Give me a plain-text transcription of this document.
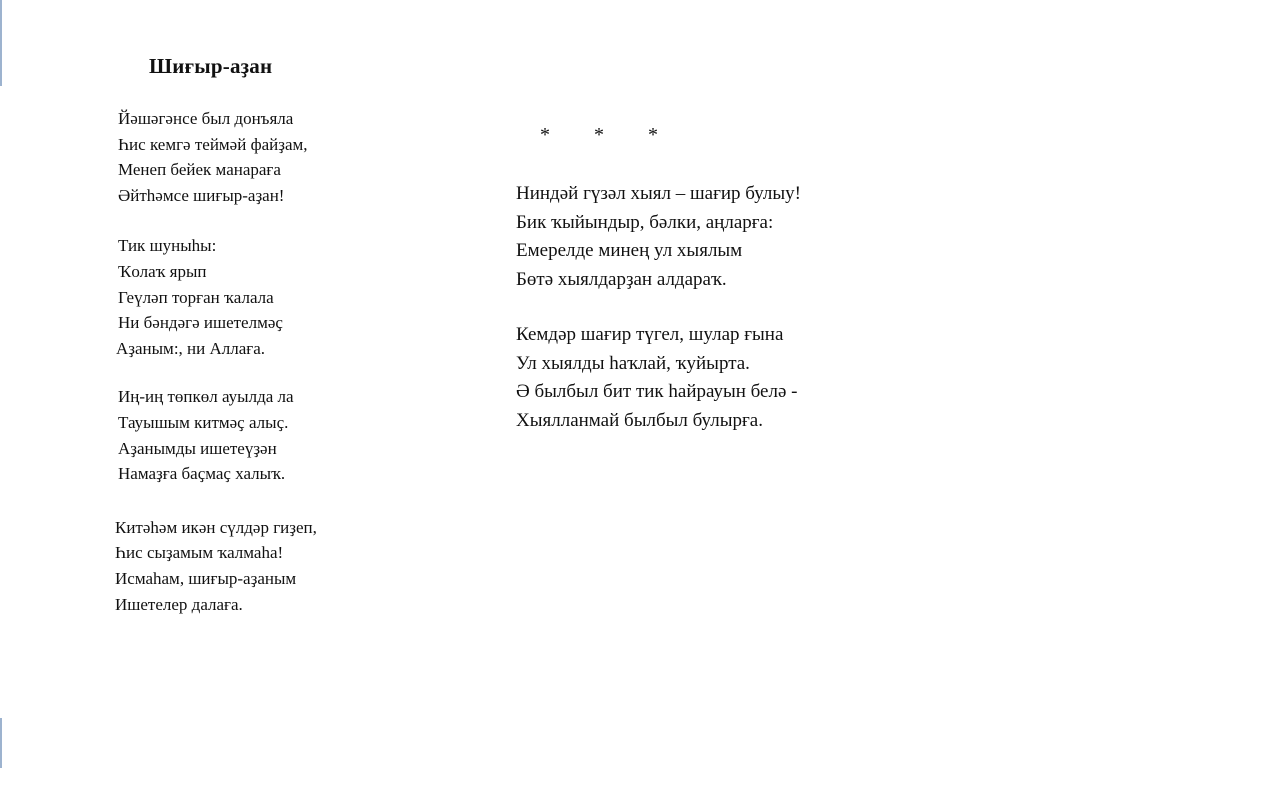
Шиғыр-аҙан
Йәшәгәнсе был донъяла
Һис кемгә теймәй файҙам,
Менеп бейек манараға
Әйтһәмсе шиғыр-аҙан!
Тик шуныһы:
Ҡолаҡ ярып
Геүләп торған ҡалала
Ни бәндәгә ишетелмәҫ
Аҙаным:, ни Аллаға.
Иң-иң төпкөл ауылда ла
Тауышым китмәҫ алыҫ.
Аҙанымды ишетеүҙән
Намаҙға баҫмаҫ халыҡ.
Китәһәм икән сүлдәр гиҙеп,
Һис сыҙамым ҡалмаһа!
Исмаһам, шиғыр-аҙаным
Ишетелер далаға.
* * *
Ниндәй гүзәл хыял – шағир булыу!
Бик ҡыйындыр, бәлки, аңларға:
Емерелде минең ул хыялым
Бөтә хыялдарҙан алдараҡ.
Кемдәр шағир түгел, шулар ғына
Ул хыялды һаҡлай, ҡуйырта.
Ә былбыл бит тик һайрауын белә -
Хыялланмай былбыл булырға.
